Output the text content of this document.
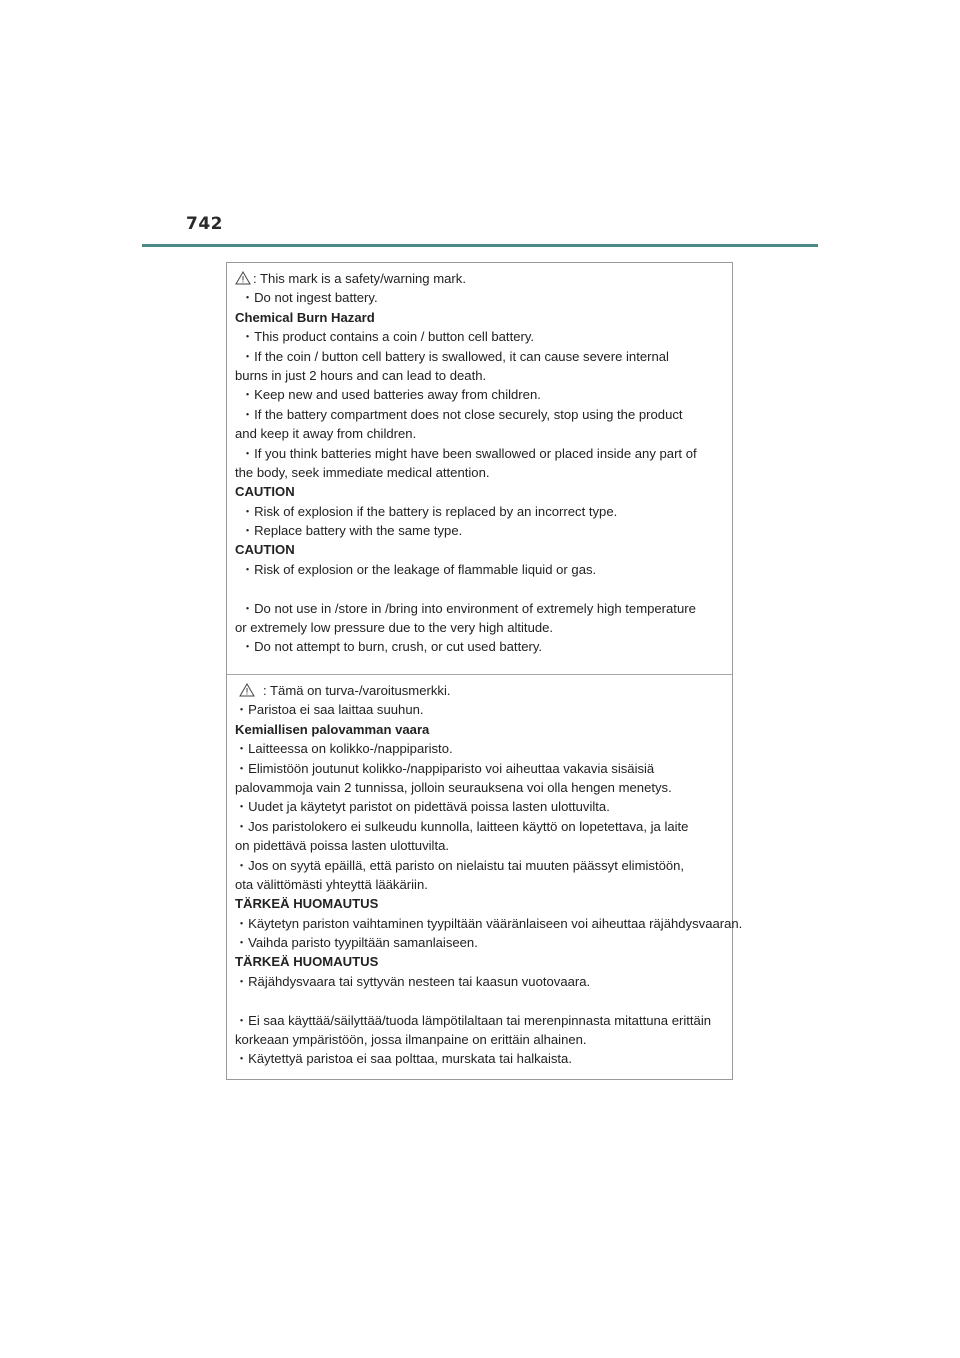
742
: This mark is a safety/warning mark.
・Do not ingest battery.
Chemical Burn Hazard
・This product contains a coin / button cell battery.
・If the coin / button cell battery is swallowed, it can cause severe internal
burns in just 2 hours and can lead to death.
・Keep new and used batteries away from children.
・If the battery compartment does not close securely, stop using the product
and keep it away from children.
・If you think batteries might have been swallowed or placed inside any part of
the body, seek immediate medical attention.
CAUTION
・Risk of explosion if the battery is replaced by an incorrect type.
・Replace battery with the same type.
CAUTION
・Risk of explosion or the leakage of flammable liquid or gas.
・Do not use in /store in /bring into environment of extremely high temperature
or extremely low pressure due to the very high altitude.
・Do not attempt to burn, crush, or cut used battery.
: Tämä on turva-/varoitusmerkki.
・Paristoa ei saa laittaa suuhun.
Kemiallisen palovamman vaara
・Laitteessa on kolikko-/nappiparisto.
・Elimistöön joutunut kolikko-/nappiparisto voi aiheuttaa vakavia sisäisiä
palovammoja vain 2 tunnissa, jolloin seurauksena voi olla hengen menetys.
・Uudet ja käytetyt paristot on pidettävä poissa lasten ulottuvilta.
・Jos paristolokero ei sulkeudu kunnolla, laitteen käyttö on lopetettava, ja laite
on pidettävä poissa lasten ulottuvilta.
・Jos on syytä epäillä, että paristo on nielaistu tai muuten päässyt elimistöön,
ota välittömästi yhteyttä lääkäriin.
TÄRKEÄ HUOMAUTUS
・Käytetyn pariston vaihtaminen tyypiltään vääränlaiseen voi aiheuttaa räjähdysvaaran.
・Vaihda paristo tyypiltään samanlaiseen.
TÄRKEÄ HUOMAUTUS
・Räjähdysvaara tai syttyvän nesteen tai kaasun vuotovaara.
・Ei saa käyttää/säilyttää/tuoda lämpötilaltaan tai merenpinnasta mitattuna erittäin
korkeaan ympäristöön, jossa ilmanpaine on erittäin alhainen.
・Käytettyä paristoa ei saa polttaa, murskata tai halkaista.
